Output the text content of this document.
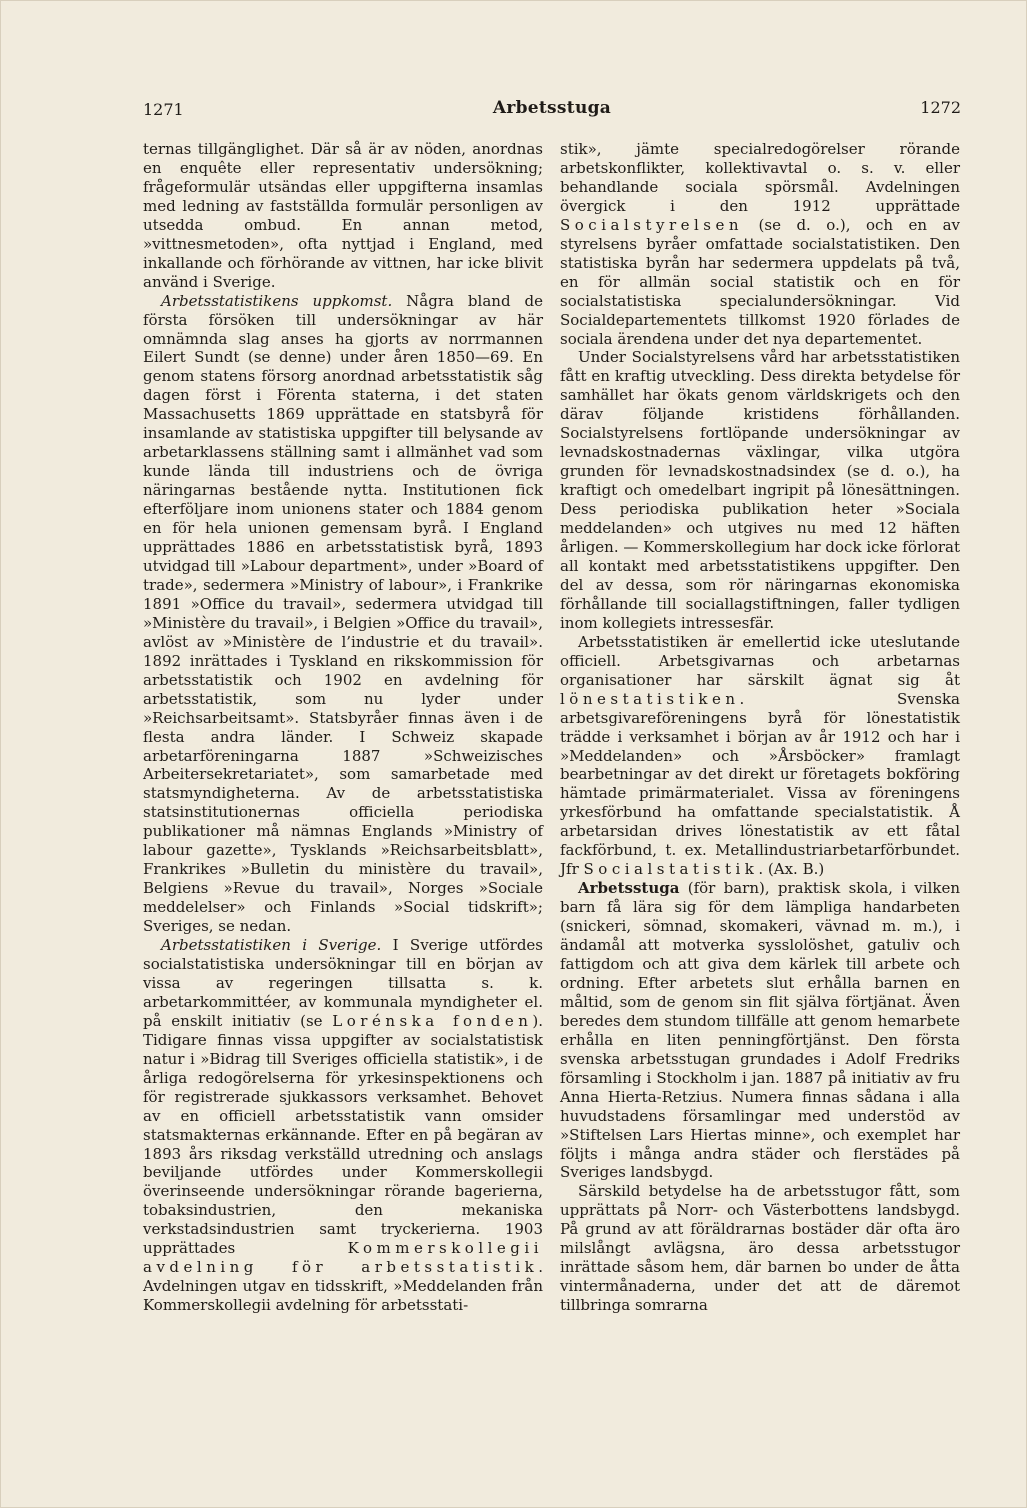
1271	Arbetsstuga	1272

ternas tillgänglighet. Där så är av nöden, anordnas en enquête eller representativ undersökning; frågeformulär utsändas eller uppgifterna insamlas med ledning av fastställda formulär personligen av utsedda ombud. En annan metod, »vittnesmetoden», ofta nyttjad i England, med inkallande och förhörande av vittnen, har icke blivit använd i Sverige.

Arbetsstatistikens uppkomst. Några bland de första försöken till undersökningar av här omnämnda slag anses ha gjorts av norrmannen Eilert Sundt (se denne) under åren 1850—69. En genom statens försorg anordnad arbetsstatistik såg dagen först i Förenta staterna, i det staten Massachusetts 1869 upprättade en statsbyrå för insamlande av statistiska uppgifter till belysande av arbetarklassens ställning samt i allmänhet vad som kunde lända till industriens och de övriga näringarnas bestående nytta. Institutionen fick efterföljare inom unionens stater och 1884 genom en för hela unionen gemensam byrå. I England upprättades 1886 en arbetsstatistisk byrå, 1893 utvidgad till »Labour department», under »Board of trade», sedermera »Ministry of labour», i Frankrike 1891 »Office du travail», sedermera utvidgad till »Ministère du travail», i Belgien »Office du travail», avlöst av »Ministère de l’industrie et du travail». 1892 inrättades i Tyskland en rikskommission för arbetsstatistik och 1902 en avdelning för arbetsstatistik, som nu lyder under »Reichsarbeitsamt». Statsbyråer finnas även i de flesta andra länder. I Schweiz skapade arbetarföreningarna 1887 »Schweizisches Arbeitersekretariatet», som samarbetade med statsmyndigheterna. Av de arbetsstatistiska statsinstitutionernas officiella periodiska publikationer må nämnas Englands »Ministry of labour gazette», Tysklands »Reichsarbeitsblatt», Frankrikes »Bulletin du ministère du travail», Belgiens »Revue du travail», Norges »Sociale meddelelser» och Finlands »Social tidskrift»; Sveriges, se nedan.

Arbetsstatistiken i Sverige. I Sverige utfördes socialstatistiska undersökningar till en början av vissa av regeringen tillsatta s. k. arbetarkommittéer, av kommunala myndigheter el. på enskilt initiativ (se Lorénska fonden). Tidigare finnas vissa uppgifter av socialstatistisk natur i »Bidrag till Sveriges officiella statistik», i de årliga redogörelserna för yrkesinspektionens och för registrerade sjukkassors verksamhet. Behovet av en officiell arbetsstatistik vann omsider statsmakternas erkännande. Efter en på begäran av 1893 års riksdag verkställd utredning och anslags beviljande utfördes under Kommerskollegii överinseende undersökningar rörande bagerierna, tobaksindustrien, den mekaniska verkstadsindustrien samt tryckerierna. 1903 upprättades Kommerskollegii avdelning för arbetsstatistik. Avdelningen utgav en tidsskrift, »Meddelanden från Kommerskollegii avdelning för arbetsstati-

stik», jämte specialredogörelser rörande arbetskonflikter, kollektivavtal o. s. v. eller behandlande sociala spörsmål. Avdelningen övergick i den 1912 upprättade Socialstyrelsen (se d. o.), och en av styrelsens byråer omfattade socialstatistiken. Den statistiska byrån har sedermera uppdelats på två, en för allmän social statistik och en för socialstatistiska specialundersökningar. Vid Socialdepartementets tillkomst 1920 förlades de sociala ärendena under det nya departementet.

Under Socialstyrelsens vård har arbetsstatistiken fått en kraftig utveckling. Dess direkta betydelse för samhället har ökats genom världskrigets och den därav följande kristidens förhållanden. Socialstyrelsens fortlöpande undersökningar av levnadskostnadernas växlingar, vilka utgöra grunden för levnadskostnadsindex (se d. o.), ha kraftigt och omedelbart ingripit på lönesättningen. Dess periodiska publikation heter »Sociala meddelanden» och utgives nu med 12 häften årligen. — Kommerskollegium har dock icke förlorat all kontakt med arbetsstatistikens uppgifter. Den del av dessa, som rör näringarnas ekonomiska förhållande till sociallagstiftningen, faller tydligen inom kollegiets intressesfär.

Arbetsstatistiken är emellertid icke uteslutande officiell. Arbetsgivarnas och arbetarnas organisationer har särskilt ägnat sig åt lönestatistiken. Svenska arbetsgivareföreningens byrå för lönestatistik trädde i verksamhet i början av år 1912 och har i »Meddelanden» och »Årsböcker» framlagt bearbetningar av det direkt ur företagets bokföring hämtade primärmaterialet. Vissa av föreningens yrkesförbund ha omfattande specialstatistik. Å arbetarsidan drives lönestatistik av ett fåtal fackförbund, t. ex. Metallindustriarbetarförbundet. Jfr Socialstatistik. (Ax. B.)

Arbetsstuga (för barn), praktisk skola, i vilken barn få lära sig för dem lämpliga handarbeten (snickeri, sömnad, skomakeri, vävnad m. m.), i ändamål att motverka sysslolöshet, gatuliv och fattigdom och att giva dem kärlek till arbete och ordning. Efter arbetets slut erhålla barnen en måltid, som de genom sin flit själva förtjänat. Även beredes dem stundom tillfälle att genom hemarbete erhålla en liten penningförtjänst. Den första svenska arbetsstugan grundades i Adolf Fredriks församling i Stockholm i jan. 1887 på initiativ av fru Anna Hierta-Retzius. Numera finnas sådana i alla huvudstadens församlingar med understöd av »Stiftelsen Lars Hiertas minne», och exemplet har följts i många andra städer och flerstädes på Sveriges landsbygd.

Särskild betydelse ha de arbetsstugor fått, som upprättats på Norr- och Västerbottens landsbygd. På grund av att föräldrarnas bostäder där ofta äro milslångt avlägsna, äro dessa arbetsstugor inrättade såsom hem, där barnen bo under de åtta vintermånaderna, under det att de däremot tillbringa somrarna
